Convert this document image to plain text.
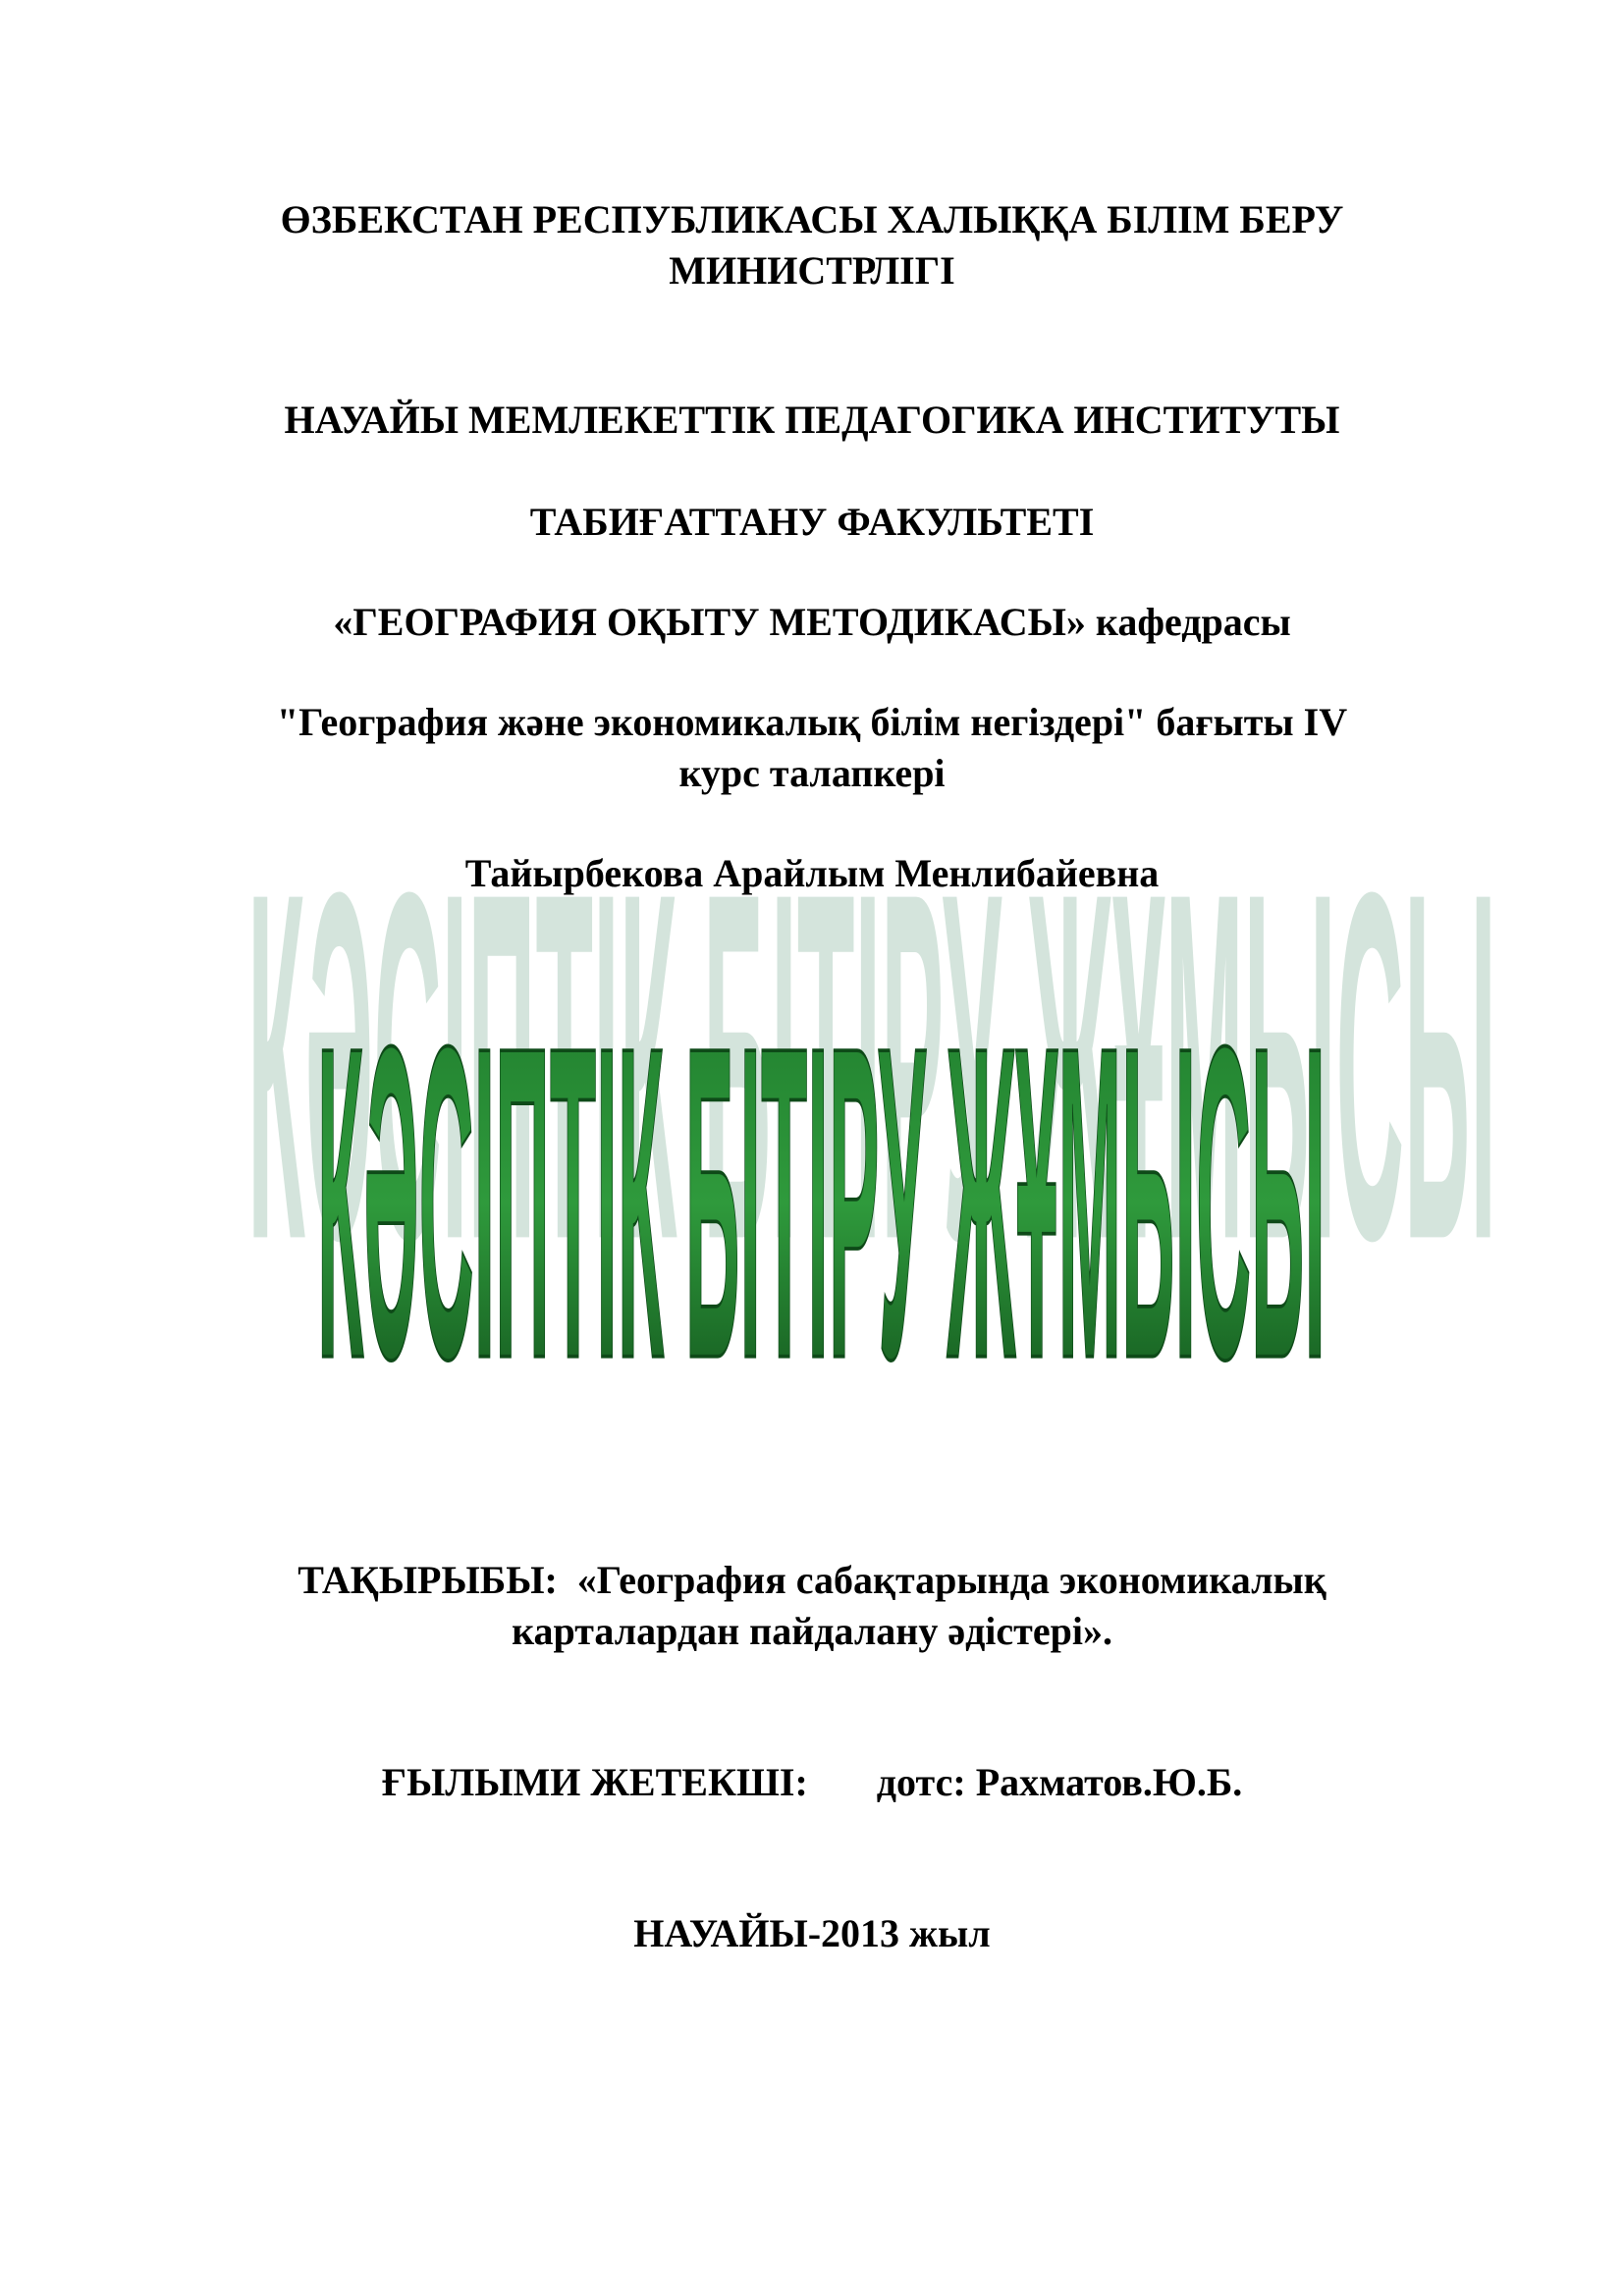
ӨЗБЕКСТАН РЕСПУБЛИКАСЫ ХАЛЫҚҚА БІЛІМ БЕРУ
МИНИСТРЛІГІ
НАУАЙЫ МЕМЛЕКЕТТІК ПЕДАГОГИКА ИНСТИТУТЫ
ТАБИҒАТТАНУ ФАКУЛЬТЕТІ
«ГЕОГРАФИЯ ОҚЫТУ МЕТОДИКАСЫ» кафедрасы
"География және экономикалық білім негіздері" бағыты IV
курс талапкері
Тайырбекова Арайлым Менлибайевна
КӘСІПТІК БІТІРУ ЖҰМЫСЫ
КӘСІПТІК БІТІРУ ЖҰМЫСЫ
ТАҚЫРЫБЫ: «География сабақтарында экономикалық
карталардан пайдалану әдістері».
ҒЫЛЫМИ ЖЕТЕКШІ: дотс: Рахматов.Ю.Б.
НАУАЙЫ-2013 жыл
